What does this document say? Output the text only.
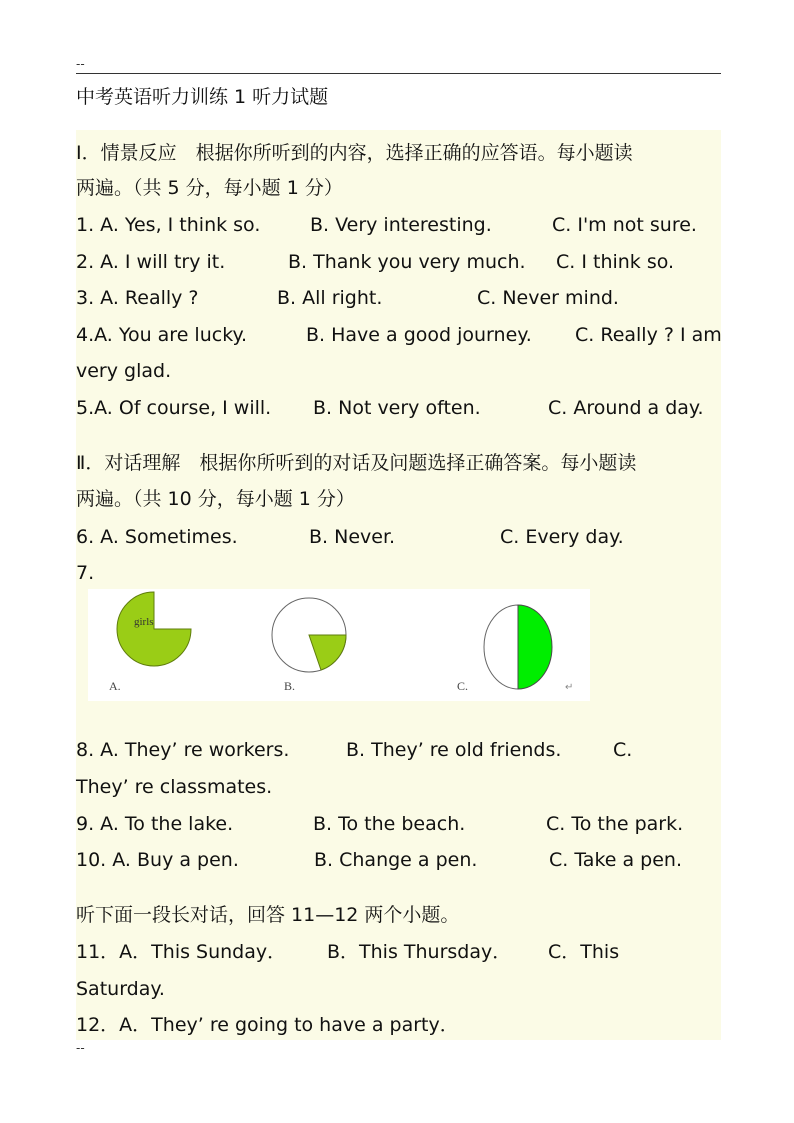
--
中考英语听力训练 1 听力试题
Ⅰ．情景反应　根据你所听到的内容，选择正确的应答语。每小题读
两遍。（共 5 分，每小题 1 分）
1. A. Yes, I think so.	B. Very interesting.	C. I'm not sure.
2. A. I will try it.	B. Thank you very much. C. I think so.
3. A. Really ?	B. All right.	C. Never mind.
4.A. You are lucky.	B. Have a good journey. C. Really ? I am
very glad.
5.A. Of course, I will. B. Not very often.	C. Around a day.
Ⅱ．对话理解　根据你所听到的对话及问题选择正确答案。每小题读
两遍。（共 10 分，每小题 1 分）
6. A. Sometimes.	B. Never.	C. Every day.
7.
girls
A.	B.	C.	↵
8. A. They’ re workers.	B. They’ re old friends.	C.
They’ re classmates.
9. A. To the lake.	B. To the beach.	C. To the park.
10. A. Buy a pen.	B. Change a pen.	C. Take a pen.
听下面一段长对话，回答 11—12 两个小题。
11．A．This Sunday． B．This Thursday． C．This
Saturday.
12．A．They’ re going to have a party．
--
